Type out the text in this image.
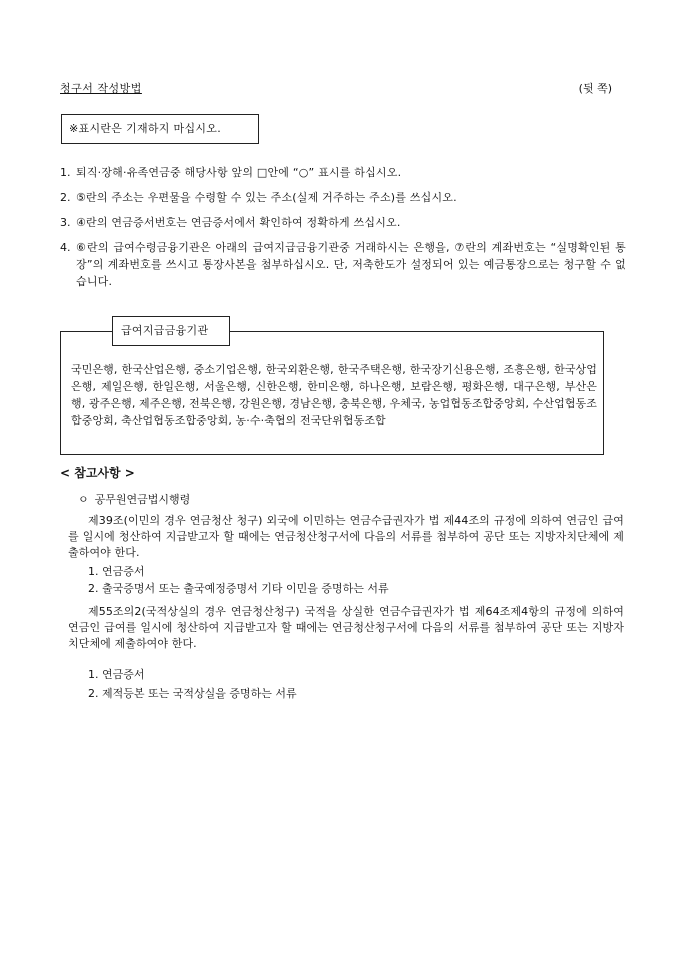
청구서 작성방법	(뒷 쪽)
※표시란은 기재하지 마십시오.
1. 퇴직·장해·유족연금중 해당사항 앞의 □안에 “○” 표시를 하십시오.
2. ⑤란의 주소는 우편물을 수령할 수 있는 주소(실제 거주하는 주소)를 쓰십시오.
3. ④란의 연금증서번호는 연금증서에서 확인하여 정확하게 쓰십시오.
4. ⑥란의 급여수령금융기관은 아래의 급여지급금융기관중 거래하시는 은행을, ⑦란의 계좌번호는 “실명확인된 통장”의 계좌번호를 쓰시고 통장사본을 첨부하십시오. 단, 저축한도가 설정되어 있는 예금통장으로는 청구할 수 없습니다.
급여지급금융기관
국민은행, 한국산업은행, 중소기업은행, 한국외환은행, 한국주택은행, 한국장기신용은행, 조흥은행, 한국상업은행, 제일은행, 한일은행, 서울은행, 신한은행, 한미은행, 하나은행, 보람은행, 평화은행, 대구은행, 부산은행, 광주은행, 제주은행, 전북은행, 강원은행, 경남은행, 충북은행, 우체국, 농업협동조합중앙회, 수산업협동조합중앙회, 축산업협동조합중앙회, 농·수·축협의 전국단위협동조합
< 참고사항 >
ㅇ 공무원연금법시행령
제39조(이민의 경우 연금청산 청구) 외국에 이민하는 연금수급권자가 법 제44조의 규정에 의하여 연금인 급여를 일시에 청산하여 지급받고자 할 때에는 연금청산청구서에 다음의 서류를 첨부하여 공단 또는 지방자치단체에 제출하여야 한다.
1. 연금증서
2. 출국증명서 또는 출국예정증명서 기타 이민을 증명하는 서류
제55조의2(국적상실의 경우 연금청산청구) 국적을 상실한 연금수급권자가 법 제64조제4항의 규정에 의하여 연금인 급여를 일시에 청산하여 지급받고자 할 때에는 연금청산청구서에 다음의 서류를 첨부하여 공단 또는 지방자치단체에 제출하여야 한다.
1. 연금증서
2. 제적등본 또는 국적상실을 증명하는 서류
